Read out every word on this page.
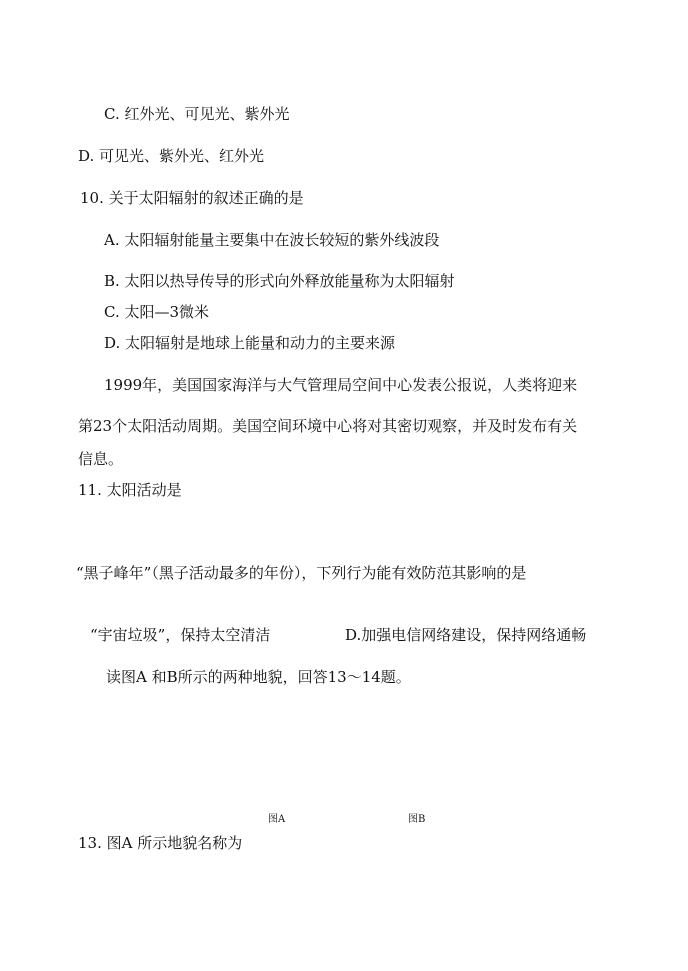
C. 红外光、可见光、紫外光
D. 可见光、紫外光、红外光
10. 关于太阳辐射的叙述正确的是
A. 太阳辐射能量主要集中在波长较短的紫外线波段
B. 太阳以热导传导的形式向外释放能量称为太阳辐射
C. 太阳—3微米
D. 太阳辐射是地球上能量和动力的主要来源
1999年，美国国家海洋与大气管理局空间中心发表公报说，人类将迎来
第23个太阳活动周期。美国空间环境中心将对其密切观察，并及时发布有关
信息。
11. 太阳活动是
“黑子峰年”（黑子活动最多的年份），下列行为能有效防范其影响的是
“宇宙垃圾”，保持太空清洁	D.加强电信网络建设，保持网络通畅
读图A 和B所示的两种地貌，回答13～14题。
图A	图B
13. 图A 所示地貌名称为
